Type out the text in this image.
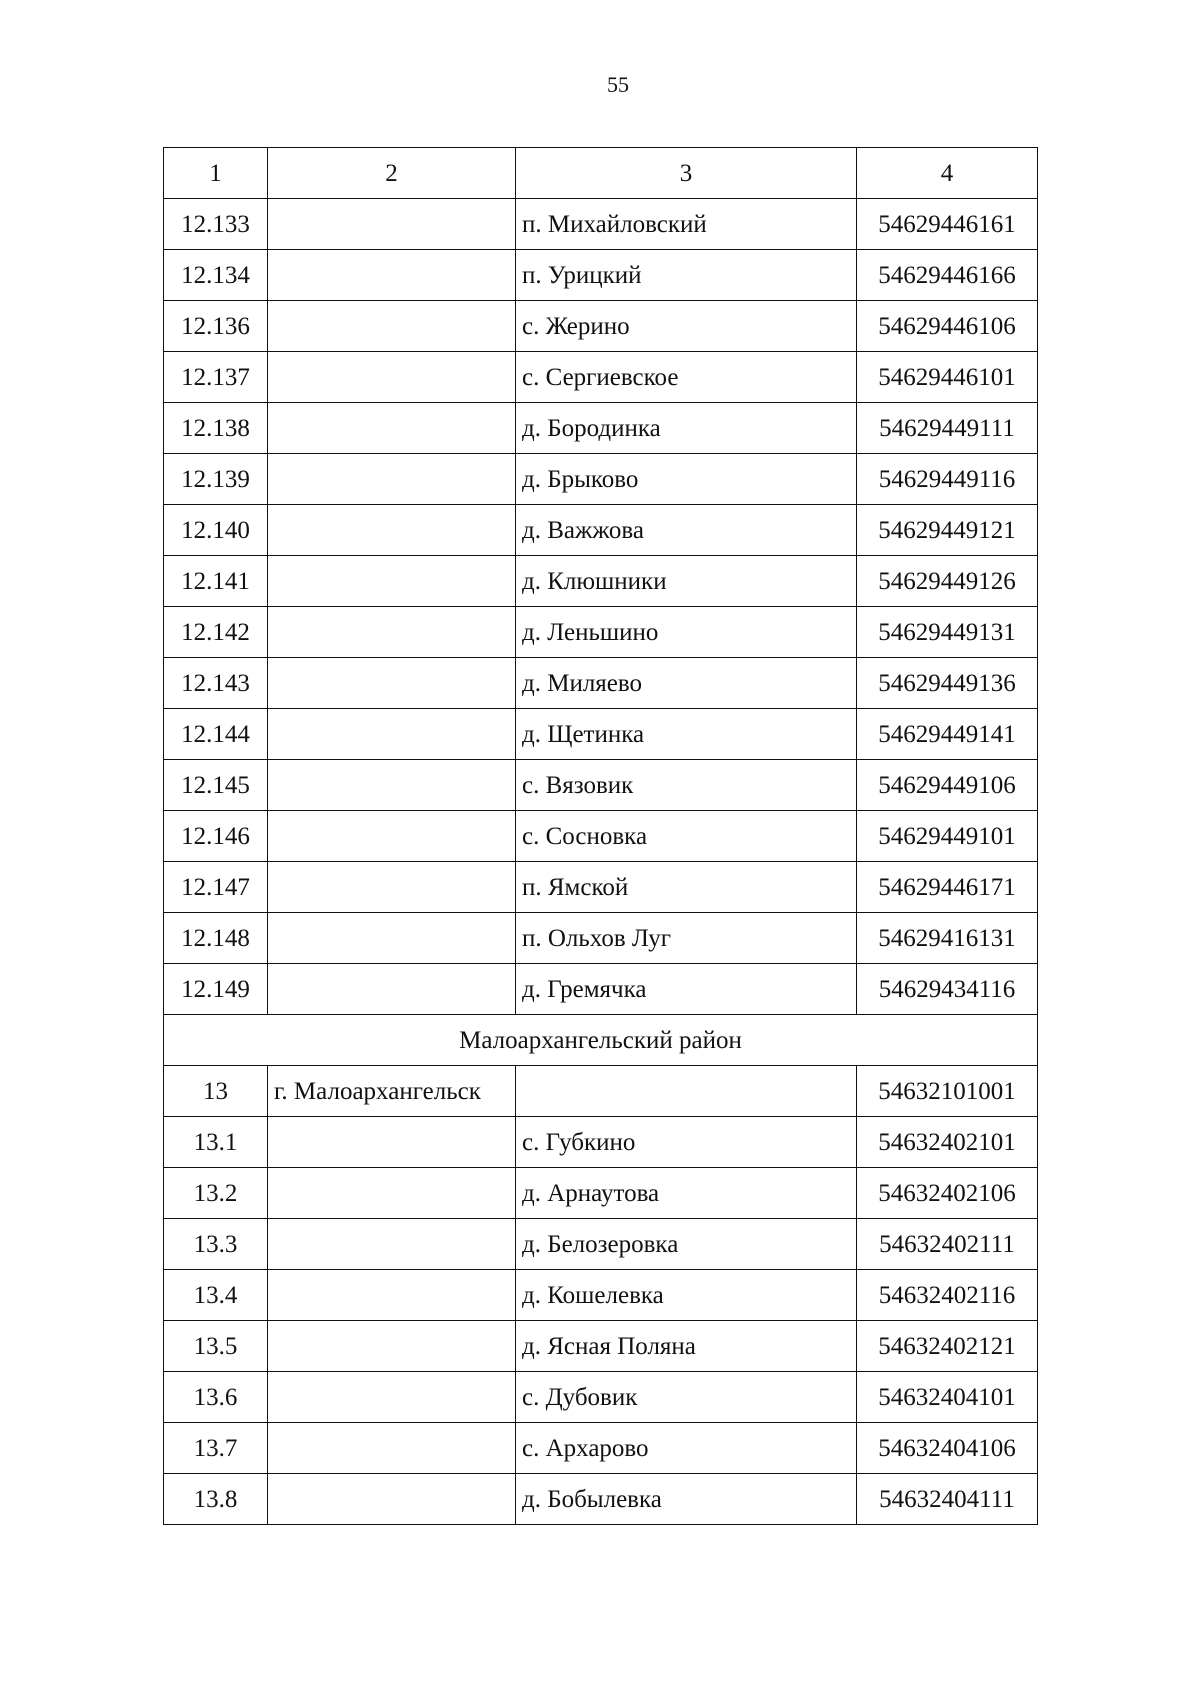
55
1	2	3	4
12.133		п. Михайловский	54629446161
12.134		п. Урицкий	54629446166
12.136		с. Жерино	54629446106
12.137		с. Сергиевское	54629446101
12.138		д. Бородинка	54629449111
12.139		д. Брыково	54629449116
12.140		д. Важжова	54629449121
12.141		д. Клюшники	54629449126
12.142		д. Леньшино	54629449131
12.143		д. Миляево	54629449136
12.144		д. Щетинка	54629449141
12.145		с. Вязовик	54629449106
12.146		с. Сосновка	54629449101
12.147		п. Ямской	54629446171
12.148		п. Ольхов Луг	54629416131
12.149		д. Гремячка	54629434116
Малоархангельский район			
13	г. Малоархангельск		54632101001
13.1		с. Губкино	54632402101
13.2		д. Арнаутова	54632402106
13.3		д. Белозеровка	54632402111
13.4		д. Кошелевка	54632402116
13.5		д. Ясная Поляна	54632402121
13.6		с. Дубовик	54632404101
13.7		с. Архарово	54632404106
13.8		д. Бобылевка	54632404111
